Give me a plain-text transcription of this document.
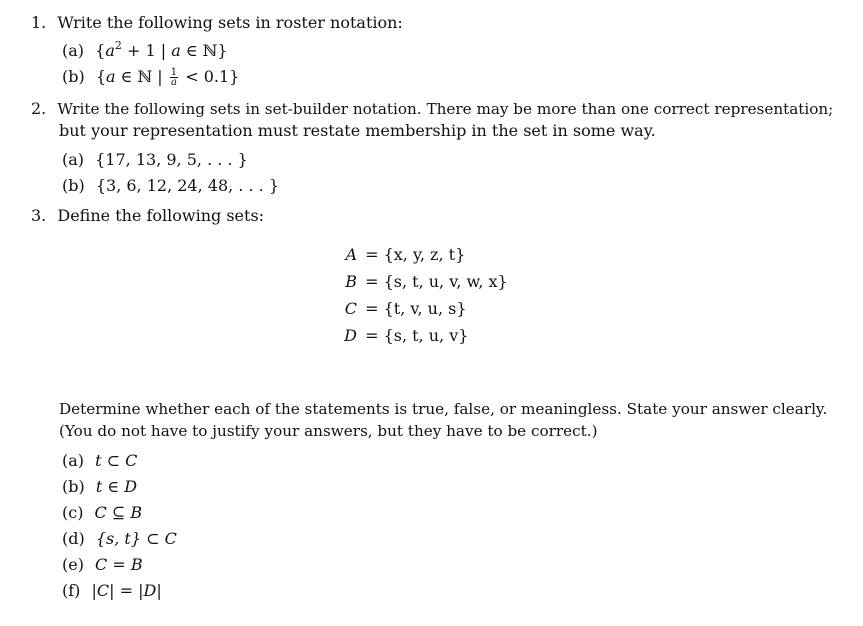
1. Write the following sets in roster notation:
(a) {$a^2 + 1$ | a ∈ ℕ}
(b) {a ∈ ℕ | $\frac{1}{a} < 0.1$}
2. Write the following sets in set-builder notation. There may be more than one correct representation;
but your representation must restate membership in the set in some way.
(a) {17, 13, 9, 5, . . . }
(b) {3, 6, 12, 24, 48, . . . }
3. Define the following sets:
A = {x, y, z, t}
B = {s, t, u, v, w, x}
C = {t, v, u, s}
D = {s, t, u, v}
Determine whether each of the statements is true, false, or meaningless. State your answer clearly.
(You do not have to justify your answers, but they have to be correct.)
(a) t ⊂ C
(b) t ∈ D
(c) C ⊆ B
(d) {s, t} ⊂ C
(e) C = B
(f) |C| = |D|
